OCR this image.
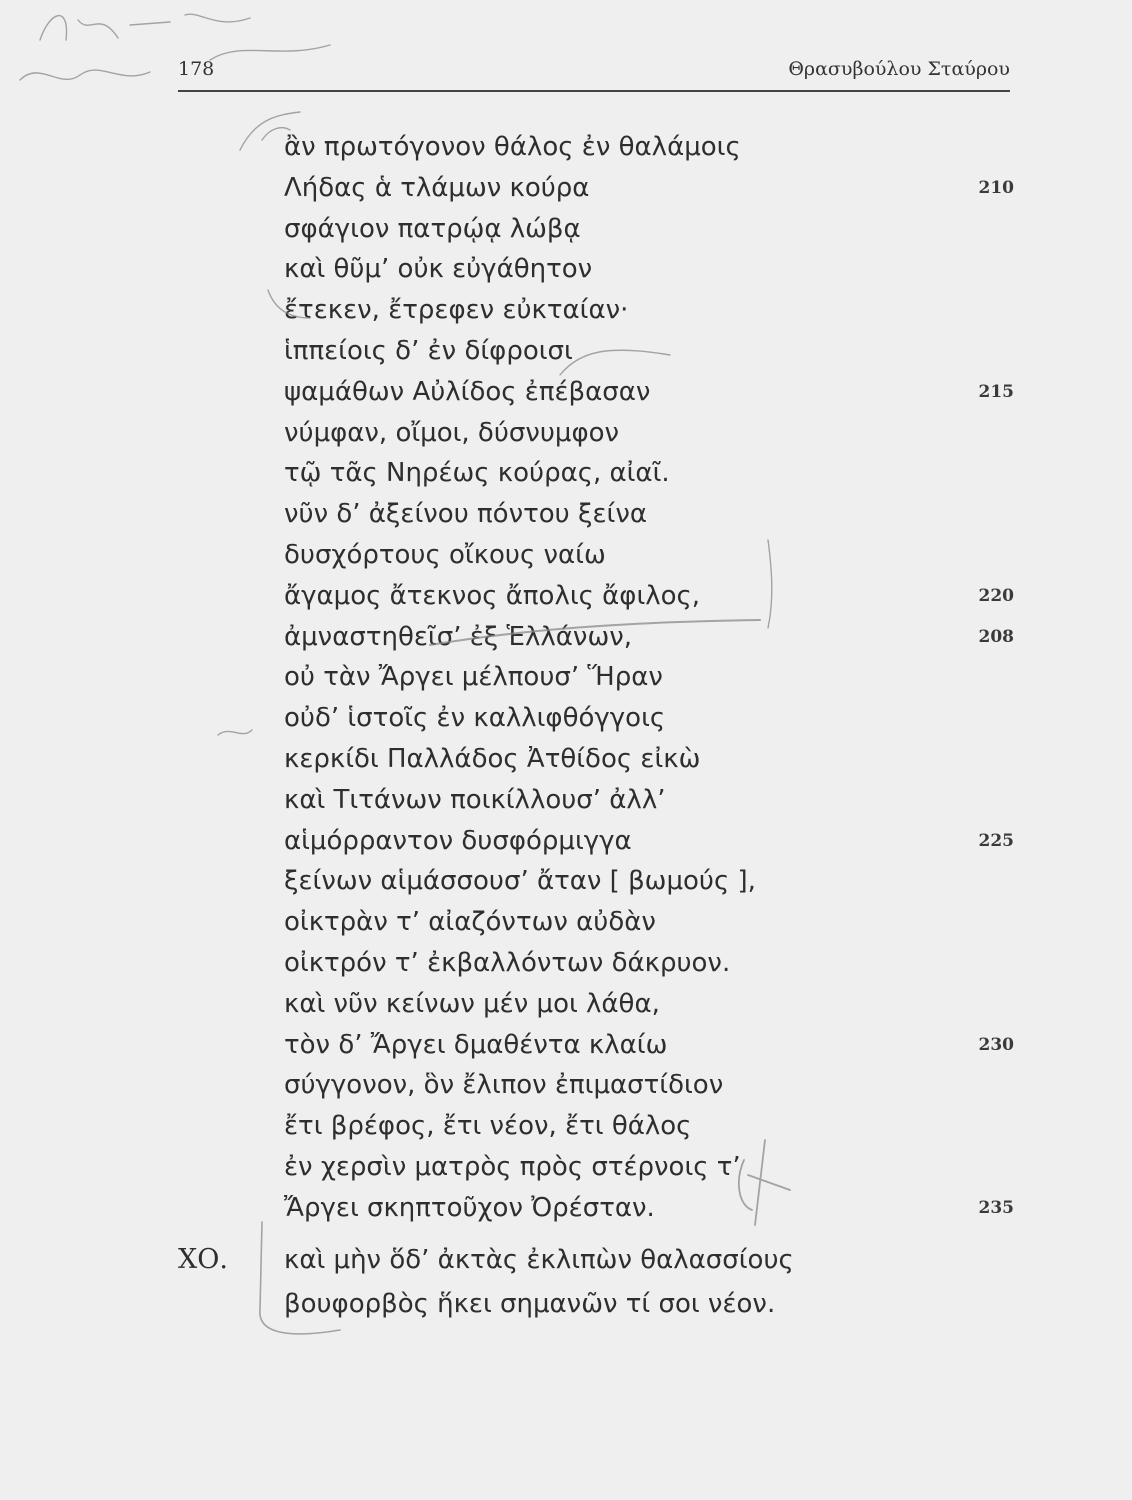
178	Θρασυβούλου Σταύρου
ἂν πρωτόγονον θάλος ἐν θαλάμοις
Λήδας ἁ τλάμων κούρα	210
σφάγιον πατρῴᾳ λώβᾳ
καὶ θῦμ’ οὐκ εὐγάθητον
ἔτεκεν, ἔτρεφεν εὐκταίαν·
ἱππείοις δ’ ἐν δίφροισι
ψαμάθων Αὐλίδος ἐπέβασαν	215
νύμφαν, οἴμοι, δύσνυμφον
τῷ τᾶς Νηρέως κούρας, αἰαῖ.
νῦν δ’ ἀξείνου πόντου ξείνα
δυσχόρτους οἴκους ναίω
ἄγαμος ἄτεκνος ἄπολις ἄφιλος,	220
ἀμναστηθεῖσ’ ἐξ Ἑλλάνων,	208
οὐ τὰν Ἄργει μέλπουσ’ Ἥραν
οὐδ’ ἱστοῖς ἐν καλλιφθόγγοις
κερκίδι Παλλάδος Ἀτθίδος εἰκὼ
καὶ Τιτάνων ποικίλλουσ’ ἀλλ’
αἱμόρραντον δυσφόρμιγγα	225
ξείνων αἱμάσσουσ’ ἄταν [ βωμούς ],
οἰκτρὰν τ’ αἰαζόντων αὐδὰν
οἰκτρόν τ’ ἐκβαλλόντων δάκρυον.
καὶ νῦν κείνων μέν μοι λάθα,
τὸν δ’ Ἄργει δμαθέντα κλαίω	230
σύγγονον, ὃν ἔλιπον ἐπιμαστίδιον
ἔτι βρέφος, ἔτι νέον, ἔτι θάλος
ἐν χερσὶν ματρὸς πρὸς στέρνοις τ’
Ἄργει σκηπτοῦχον Ὀρέσταν.	235
ΧΟ. καὶ μὴν ὅδ’ ἀκτὰς ἐκλιπὼν θαλασσίους
βουφορβὸς ἥκει σημανῶν τί σοι νέον.
